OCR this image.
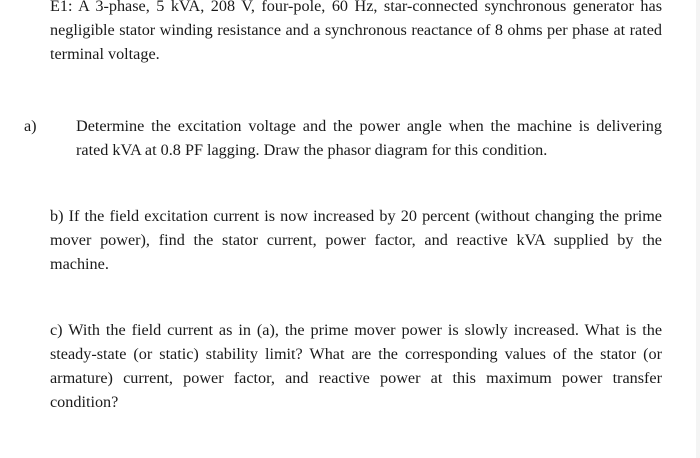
E1: A 3-phase, 5 kVA, 208 V, four-pole, 60 Hz, star-connected synchronous generator has negligible stator winding resistance and a synchronous reactance of 8 ohms per phase at rated terminal voltage.

a) Determine the excitation voltage and the power angle when the machine is delivering rated kVA at 0.8 PF lagging. Draw the phasor diagram for this condition.

b) If the field excitation current is now increased by 20 percent (without changing the prime mover power), find the stator current, power factor, and reactive kVA supplied by the machine.

c) With the field current as in (a), the prime mover power is slowly increased. What is the steady-state (or static) stability limit? What are the corresponding values of the stator (or armature) current, power factor, and reactive power at this maximum power transfer condition?
